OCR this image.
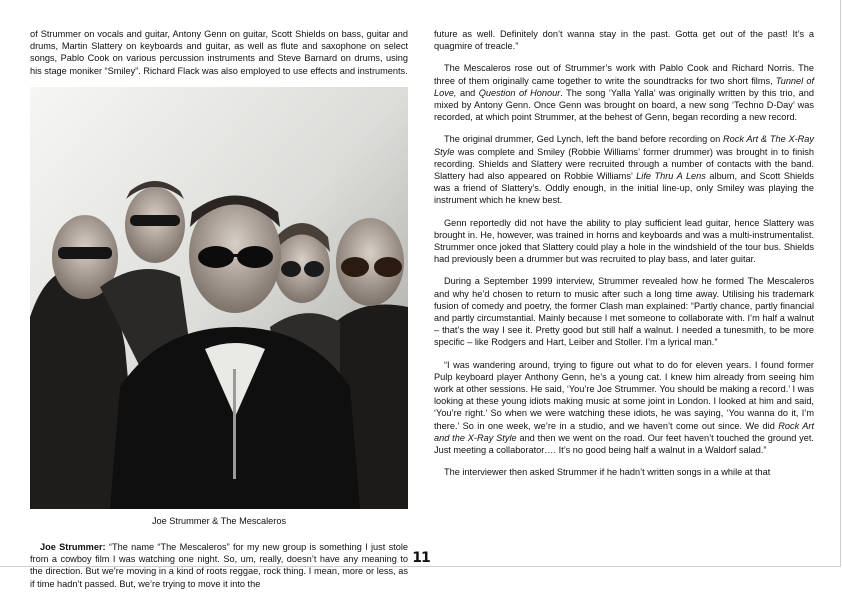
of Strummer on vocals and guitar, Antony Genn on guitar, Scott Shields on bass, guitar and drums, Martin Slattery on keyboards and guitar, as well as flute and saxophone on select songs, Pablo Cook on various percussion instruments and Steve Barnard on drums, using his stage moniker “Smiley”. Richard Flack was also employed to use effects and instruments.

Joe Strummer & The Mescaleros

Joe Strummer: “The name “The Mescaleros” for my new group is something I just stole from a cowboy film I was watching one night. So, um, really, doesn’t have any meaning to the direction. But we’re moving in a kind of roots reggae, rock thing. I mean, more or less, as if time hadn’t passed. But, we’re trying to move it into the

future as well. Definitely don’t wanna stay in the past. Gotta get out of the past! It’s a quagmire of treacle.”

The Mescaleros rose out of Strummer’s work with Pablo Cook and Richard Norris. The three of them originally came together to write the soundtracks for two short films, Tunnel of Love, and Question of Honour. The song ‘Yalla Yalla’ was originally written by this trio, and mixed by Antony Genn. Once Genn was brought on board, a new song ‘Techno D-Day’ was recorded, at which point Strummer, at the behest of Genn, began recording a new record.

The original drummer, Ged Lynch, left the band before recording on Rock Art & The X-Ray Style was complete and Smiley (Robbie Williams’ former drummer) was brought in to finish recording. Shields and Slattery were recruited through a number of contacts with the band. Slattery had also appeared on Robbie Williams’ Life Thru A Lens album, and Scott Shields was a friend of Slattery’s. Oddly enough, in the initial line-up, only Smiley was playing the instrument which he knew best.

Genn reportedly did not have the ability to play sufficient lead guitar, hence Slattery was brought in. He, however, was trained in horns and keyboards and was a multi-instrumentalist. Strummer once joked that Slattery could play a hole in the windshield of the tour bus. Shields had previously been a drummer but was recruited to play bass, and later guitar.

During a September 1999 interview, Strummer revealed how he formed The Mescaleros and why he’d chosen to return to music after such a long time away. Utilising his trademark fusion of comedy and poetry, the former Clash man explained: “Partly chance, partly financial and partly circumstantial. Mainly because I met someone to collaborate with. I’m half a walnut – that’s the way I see it. Pretty good but still half a walnut. I needed a tunesmith, to be more specific – like Rodgers and Hart, Leiber and Stoller. I’m a lyrical man.”

“I was wandering around, trying to figure out what to do for eleven years. I found former Pulp keyboard player Anthony Genn, he’s a young cat. I knew him already from seeing him work at other sessions. He said, ‘You’re Joe Strummer. You should be making a record.’ I was looking at these young idiots making music at some joint in London. I looked at him and said, ‘You’re right.’ So when we were watching these idiots, he was saying, ‘You wanna do it, I’m there.’ So in one week, we’re in a studio, and we haven’t come out since. We did Rock Art and the X-Ray Style and then we went on the road. Our feet haven’t touched the ground yet. Just meeting a collaborator…. It’s no good being half a walnut in a Waldorf salad.”

The interviewer then asked Strummer if he hadn’t written songs in a while at that

11
